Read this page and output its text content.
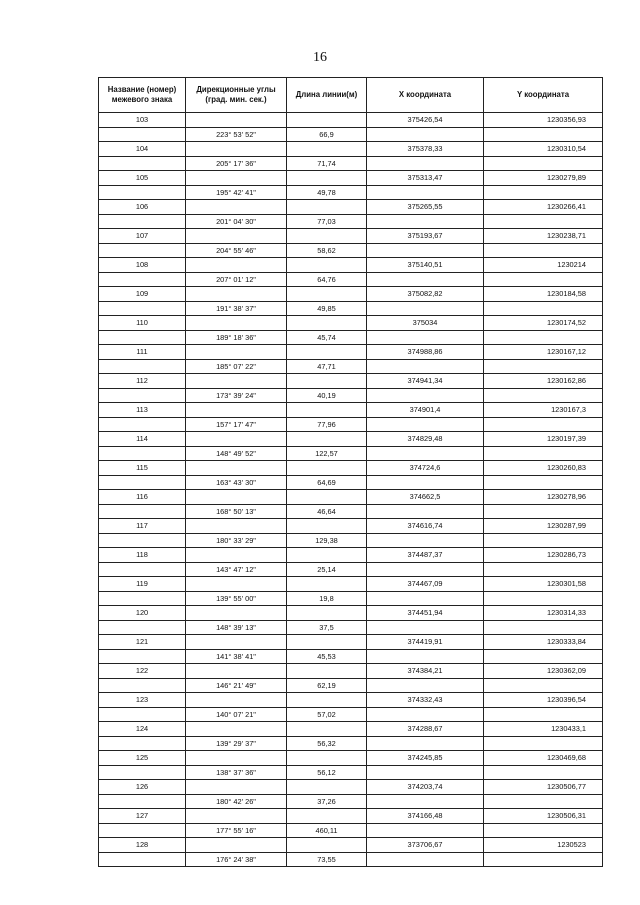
16
Название (номер) межевого знака	Дирекционные углы (град. мин. сек.)	Длина линии(м)	X координата	Y координата
103			375426,54	1230356,93
	223° 53' 52"	66,9		
104			375378,33	1230310,54
	205° 17' 36"	71,74		
105			375313,47	1230279,89
	195° 42' 41"	49,78		
106			375265,55	1230266,41
	201° 04' 30"	77,03		
107			375193,67	1230238,71
	204° 55' 46"	58,62		
108			375140,51	1230214
	207° 01' 12"	64,76		
109			375082,82	1230184,58
	191° 38' 37"	49,85		
110			375034	1230174,52
	189° 18' 36"	45,74		
111			374988,86	1230167,12
	185° 07' 22"	47,71		
112			374941,34	1230162,86
	173° 39' 24"	40,19		
113			374901,4	1230167,3
	157° 17' 47"	77,96		
114			374829,48	1230197,39
	148° 49' 52"	122,57		
115			374724,6	1230260,83
	163° 43' 30"	64,69		
116			374662,5	1230278,96
	168° 50' 13"	46,64		
117			374616,74	1230287,99
	180° 33' 29"	129,38		
118			374487,37	1230286,73
	143° 47' 12"	25,14		
119			374467,09	1230301,58
	139° 55' 00"	19,8		
120			374451,94	1230314,33
	148° 39' 13"	37,5		
121			374419,91	1230333,84
	141° 38' 41"	45,53		
122			374384,21	1230362,09
	146° 21' 49"	62,19		
123			374332,43	1230396,54
	140° 07' 21"	57,02		
124			374288,67	1230433,1
	139° 29' 37"	56,32		
125			374245,85	1230469,68
	138° 37' 36"	56,12		
126			374203,74	1230506,77
	180° 42' 26"	37,26		
127			374166,48	1230506,31
	177° 55' 16"	460,11		
128			373706,67	1230523
	176° 24' 38"	73,55		
